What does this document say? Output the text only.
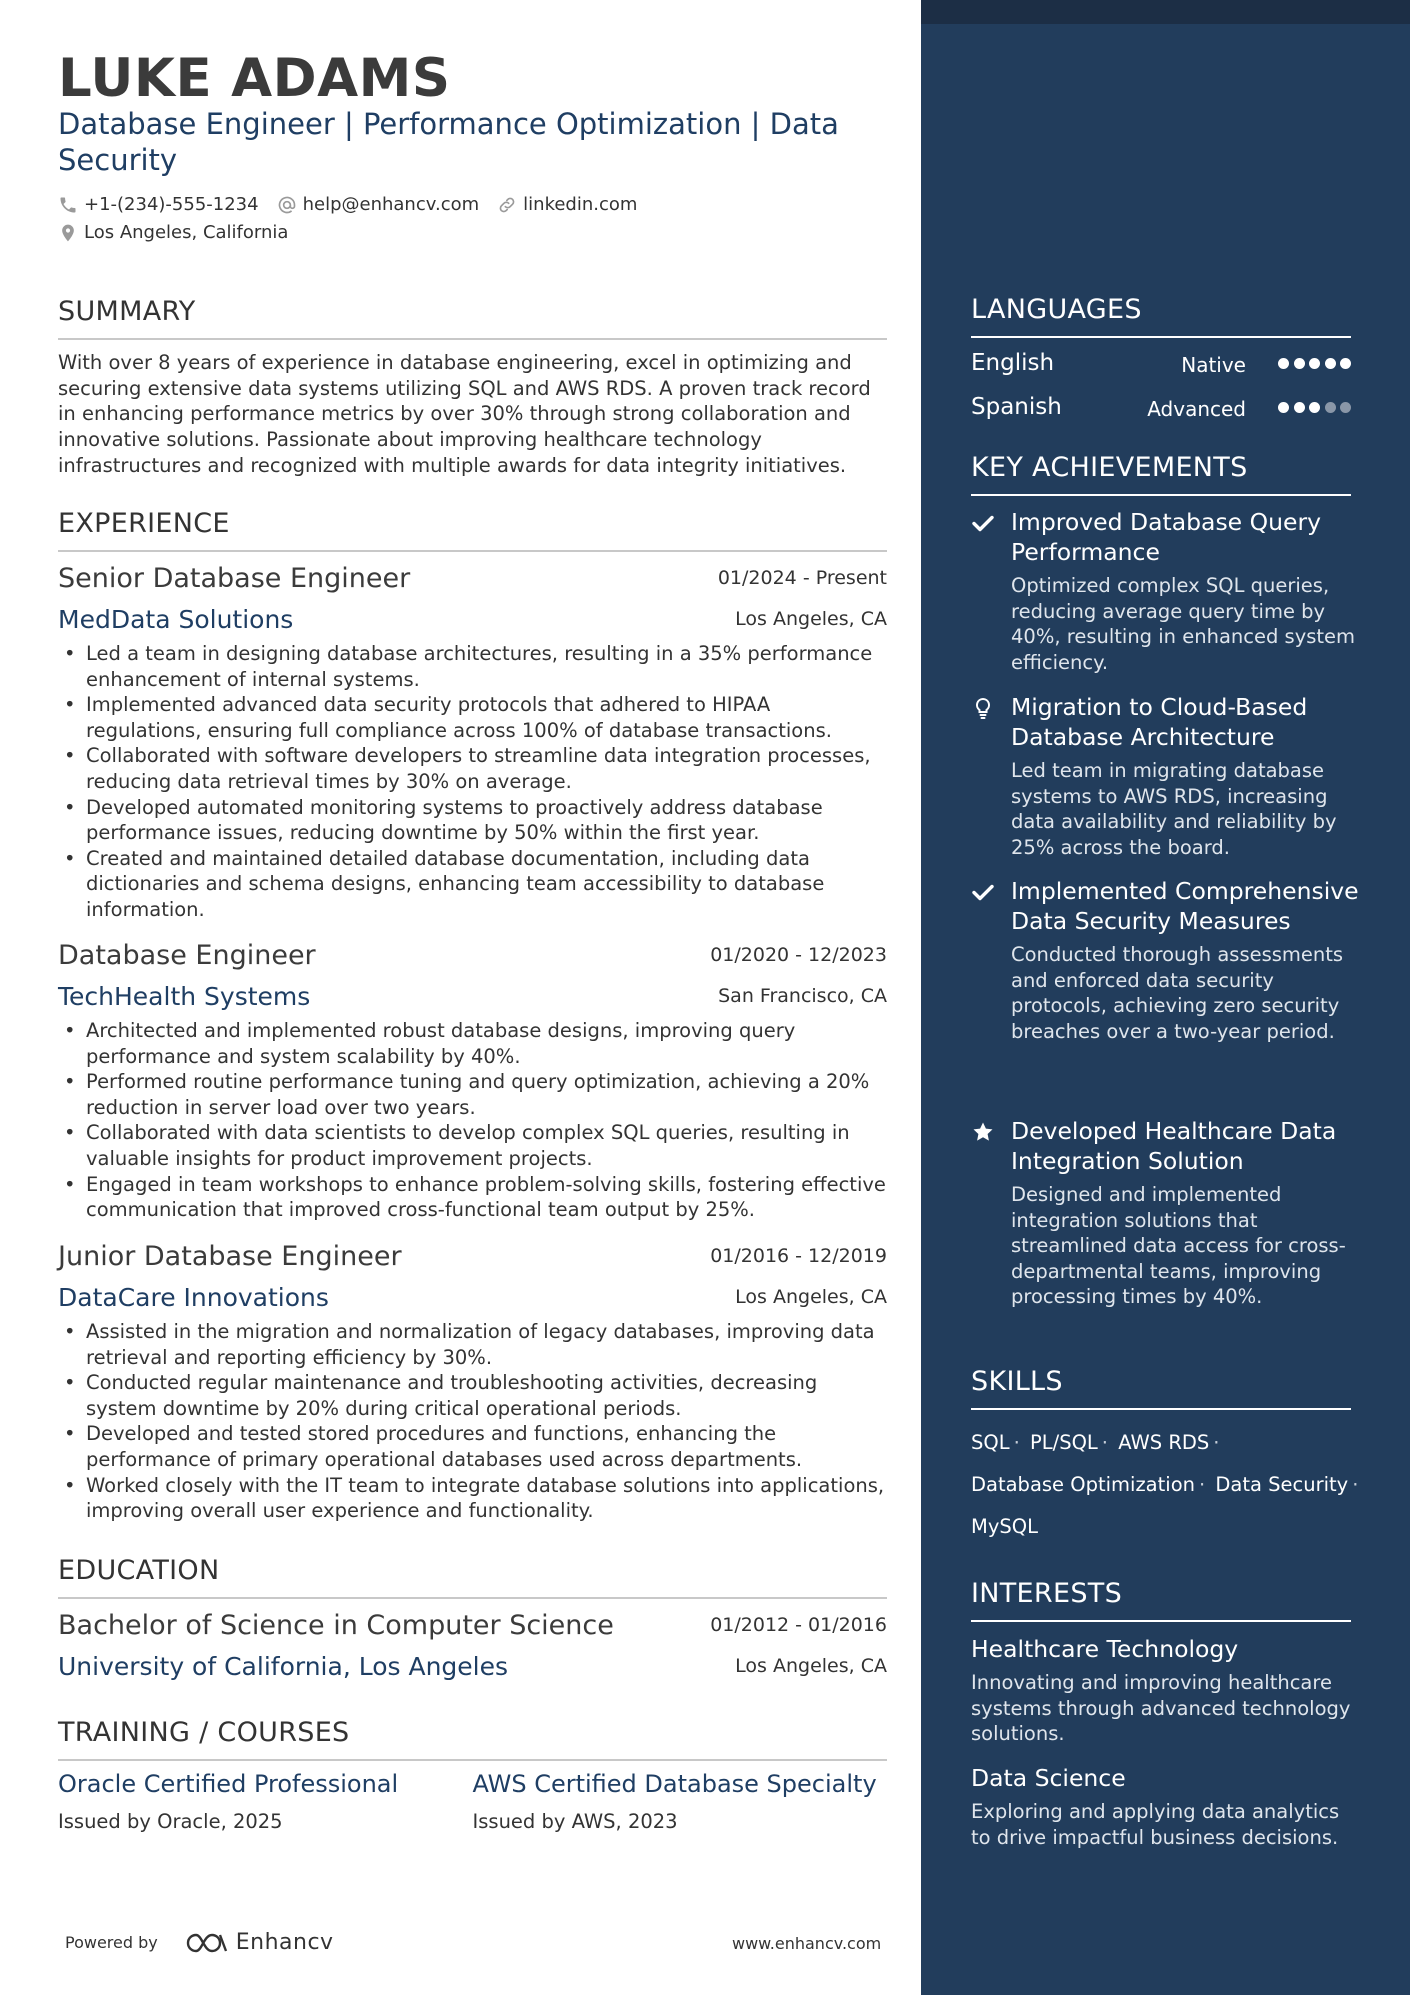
LUKE ADAMS
Database Engineer | Performance Optimization | Data Security
+1-(234)-555-1234 help@enhancv.com linkedin.com
Los Angeles, California
SUMMARY
With over 8 years of experience in database engineering, excel in optimizing and securing extensive data systems utilizing SQL and AWS RDS. A proven track record in enhancing performance metrics by over 30% through strong collaboration and innovative solutions. Passionate about improving healthcare technology infrastructures and recognized with multiple awards for data integrity initiatives.
EXPERIENCE
Senior Database Engineer	01/2024 - Present
MedData Solutions	Los Angeles, CA
• Led a team in designing database architectures, resulting in a 35% performance enhancement of internal systems.
• Implemented advanced data security protocols that adhered to HIPAA regulations, ensuring full compliance across 100% of database transactions.
• Collaborated with software developers to streamline data integration processes, reducing data retrieval times by 30% on average.
• Developed automated monitoring systems to proactively address database performance issues, reducing downtime by 50% within the first year.
• Created and maintained detailed database documentation, including data dictionaries and schema designs, enhancing team accessibility to database information.
Database Engineer	01/2020 - 12/2023
TechHealth Systems	San Francisco, CA
• Architected and implemented robust database designs, improving query performance and system scalability by 40%.
• Performed routine performance tuning and query optimization, achieving a 20% reduction in server load over two years.
• Collaborated with data scientists to develop complex SQL queries, resulting in valuable insights for product improvement projects.
• Engaged in team workshops to enhance problem-solving skills, fostering effective communication that improved cross-functional team output by 25%.
Junior Database Engineer	01/2016 - 12/2019
DataCare Innovations	Los Angeles, CA
• Assisted in the migration and normalization of legacy databases, improving data retrieval and reporting efficiency by 30%.
• Conducted regular maintenance and troubleshooting activities, decreasing system downtime by 20% during critical operational periods.
• Developed and tested stored procedures and functions, enhancing the performance of primary operational databases used across departments.
• Worked closely with the IT team to integrate database solutions into applications, improving overall user experience and functionality.
EDUCATION
Bachelor of Science in Computer Science	01/2012 - 01/2016
University of California, Los Angeles	Los Angeles, CA
TRAINING / COURSES
Oracle Certified Professional
Issued by Oracle, 2025
AWS Certified Database Specialty
Issued by AWS, 2023
Powered by	Enhancv	www.enhancv.com
LANGUAGES
English	Native
Spanish	Advanced
KEY ACHIEVEMENTS
Improved Database Query Performance
Optimized complex SQL queries, reducing average query time by 40%, resulting in enhanced system efficiency.
Migration to Cloud-Based Database Architecture
Led team in migrating database systems to AWS RDS, increasing data availability and reliability by 25% across the board.
Implemented Comprehensive Data Security Measures
Conducted thorough assessments and enforced data security protocols, achieving zero security breaches over a two-year period.
Developed Healthcare Data Integration Solution
Designed and implemented integration solutions that streamlined data access for cross-departmental teams, improving processing times by 40%.
SKILLS
SQL · PL/SQL · AWS RDS ·
Database Optimization · Data Security ·
MySQL
INTERESTS
Healthcare Technology
Innovating and improving healthcare systems through advanced technology solutions.
Data Science
Exploring and applying data analytics to drive impactful business decisions.
